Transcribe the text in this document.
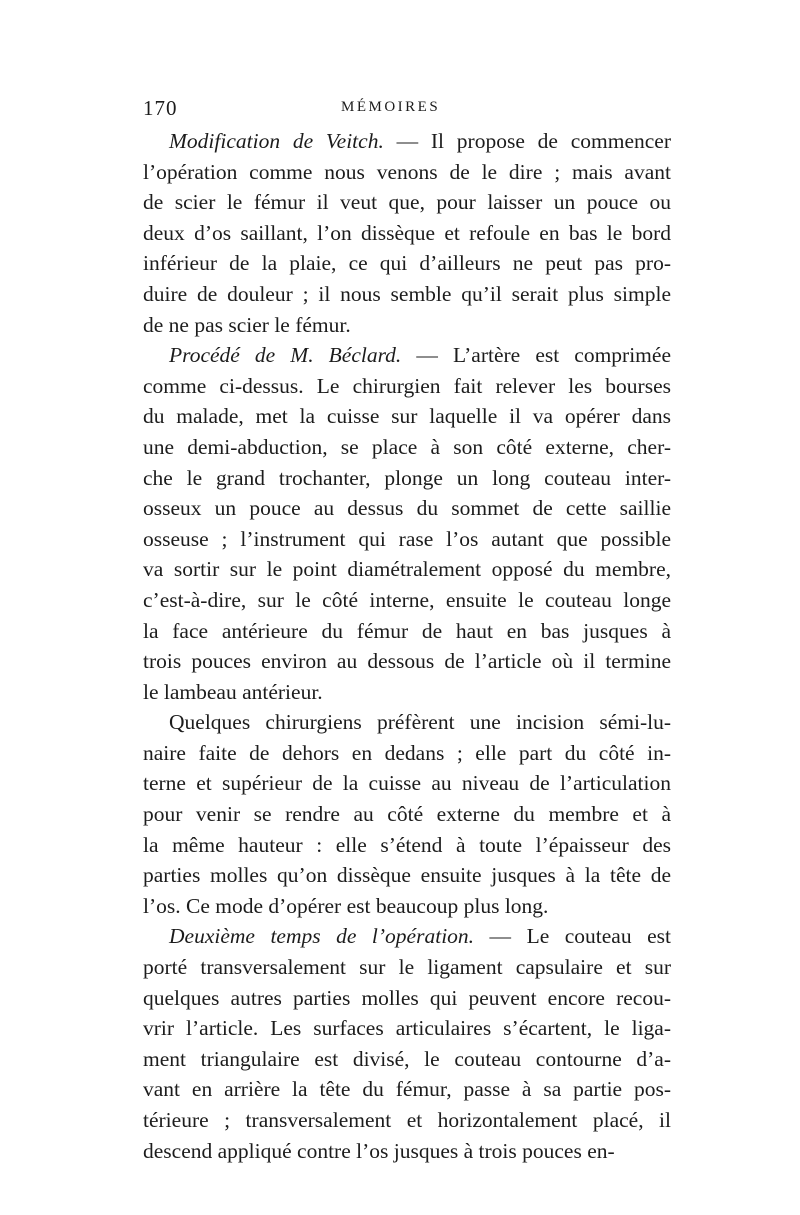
170	MÉMOIRES
Modification de Veitch. — Il propose de commencer
l’opération comme nous venons de le dire ; mais avant
de scier le fémur il veut que, pour laisser un pouce ou
deux d’os saillant, l’on dissèque et refoule en bas le bord
inférieur de la plaie, ce qui d’ailleurs ne peut pas pro-
duire de douleur ; il nous semble qu’il serait plus simple
de ne pas scier le fémur.
Procédé de M. Béclard. — L’artère est comprimée
comme ci-dessus. Le chirurgien fait relever les bourses
du malade, met la cuisse sur laquelle il va opérer dans
une demi-abduction, se place à son côté externe, cher-
che le grand trochanter, plonge un long couteau inter-
osseux un pouce au dessus du sommet de cette saillie
osseuse ; l’instrument qui rase l’os autant que possible
va sortir sur le point diamétralement opposé du membre,
c’est-à-dire, sur le côté interne, ensuite le couteau longe
la face antérieure du fémur de haut en bas jusques à
trois pouces environ au dessous de l’article où il termine
le lambeau antérieur.
Quelques chirurgiens préfèrent une incision sémi-lu-
naire faite de dehors en dedans ; elle part du côté in-
terne et supérieur de la cuisse au niveau de l’articulation
pour venir se rendre au côté externe du membre et à
la même hauteur : elle s’étend à toute l’épaisseur des
parties molles qu’on dissèque ensuite jusques à la tête de
l’os. Ce mode d’opérer est beaucoup plus long.
Deuxième temps de l’opération. — Le couteau est
porté transversalement sur le ligament capsulaire et sur
quelques autres parties molles qui peuvent encore recou-
vrir l’article. Les surfaces articulaires s’écartent, le liga-
ment triangulaire est divisé, le couteau contourne d’a-
vant en arrière la tête du fémur, passe à sa partie pos-
térieure ; transversalement et horizontalement placé, il
descend appliqué contre l’os jusques à trois pouces en-
